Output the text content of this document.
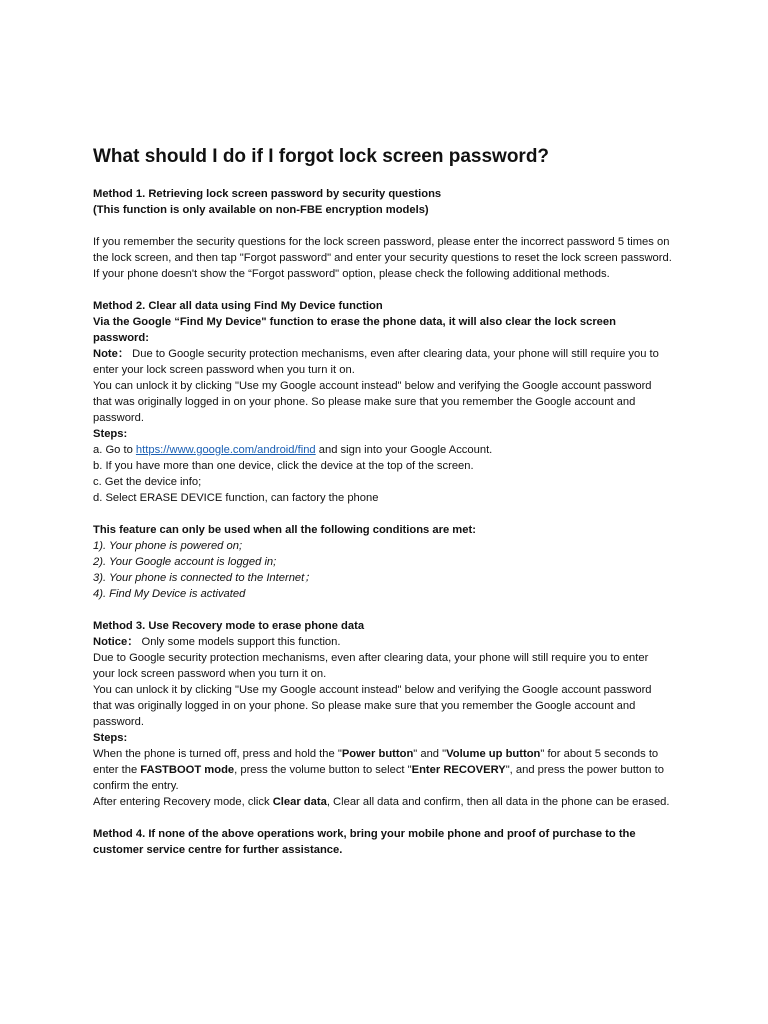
What should I do if I forgot lock screen password?

Method 1. Retrieving lock screen password by security questions

(This function is only available on non-FBE encryption models)

If you remember the security questions for the lock screen password, please enter the incorrect password 5 times on the lock screen, and then tap "Forgot password" and enter your security questions to reset the lock screen password.

If your phone doesn't show the “Forgot password" option, please check the following additional methods.

Method 2. Clear all data using Find My Device function

Via the Google “Find My Device" function to erase the phone data, it will also clear the lock screen password:

Note： Due to Google security protection mechanisms, even after clearing data, your phone will still require you to enter your lock screen password when you turn it on.

You can unlock it by clicking "Use my Google account instead" below and verifying the Google account password that was originally logged in on your phone. So please make sure that you remember the Google account and password.

Steps:

a. Go to https://www.google.com/android/find and sign into your Google Account.

b. If you have more than one device, click the device at the top of the screen.

c. Get the device info;

d. Select ERASE DEVICE function, can factory the phone

This feature can only be used when all the following conditions are met:

1). Your phone is powered on;

2). Your Google account is logged in;

3). Your phone is connected to the Internet；

4). Find My Device is activated

Method 3. Use Recovery mode to erase phone data

Notice： Only some models support this function.

Due to Google security protection mechanisms, even after clearing data, your phone will still require you to enter your lock screen password when you turn it on.

You can unlock it by clicking "Use my Google account instead" below and verifying the Google account password that was originally logged in on your phone. So please make sure that you remember the Google account and password.

Steps:

When the phone is turned off, press and hold the "Power button" and "Volume up button" for about 5 seconds to enter the FASTBOOT mode, press the volume button to select "Enter RECOVERY", and press the power button to confirm the entry.

After entering Recovery mode, click Clear data, Clear all data and confirm, then all data in the phone can be erased.

Method 4. If none of the above operations work, bring your mobile phone and proof of purchase to the customer service centre for further assistance.
